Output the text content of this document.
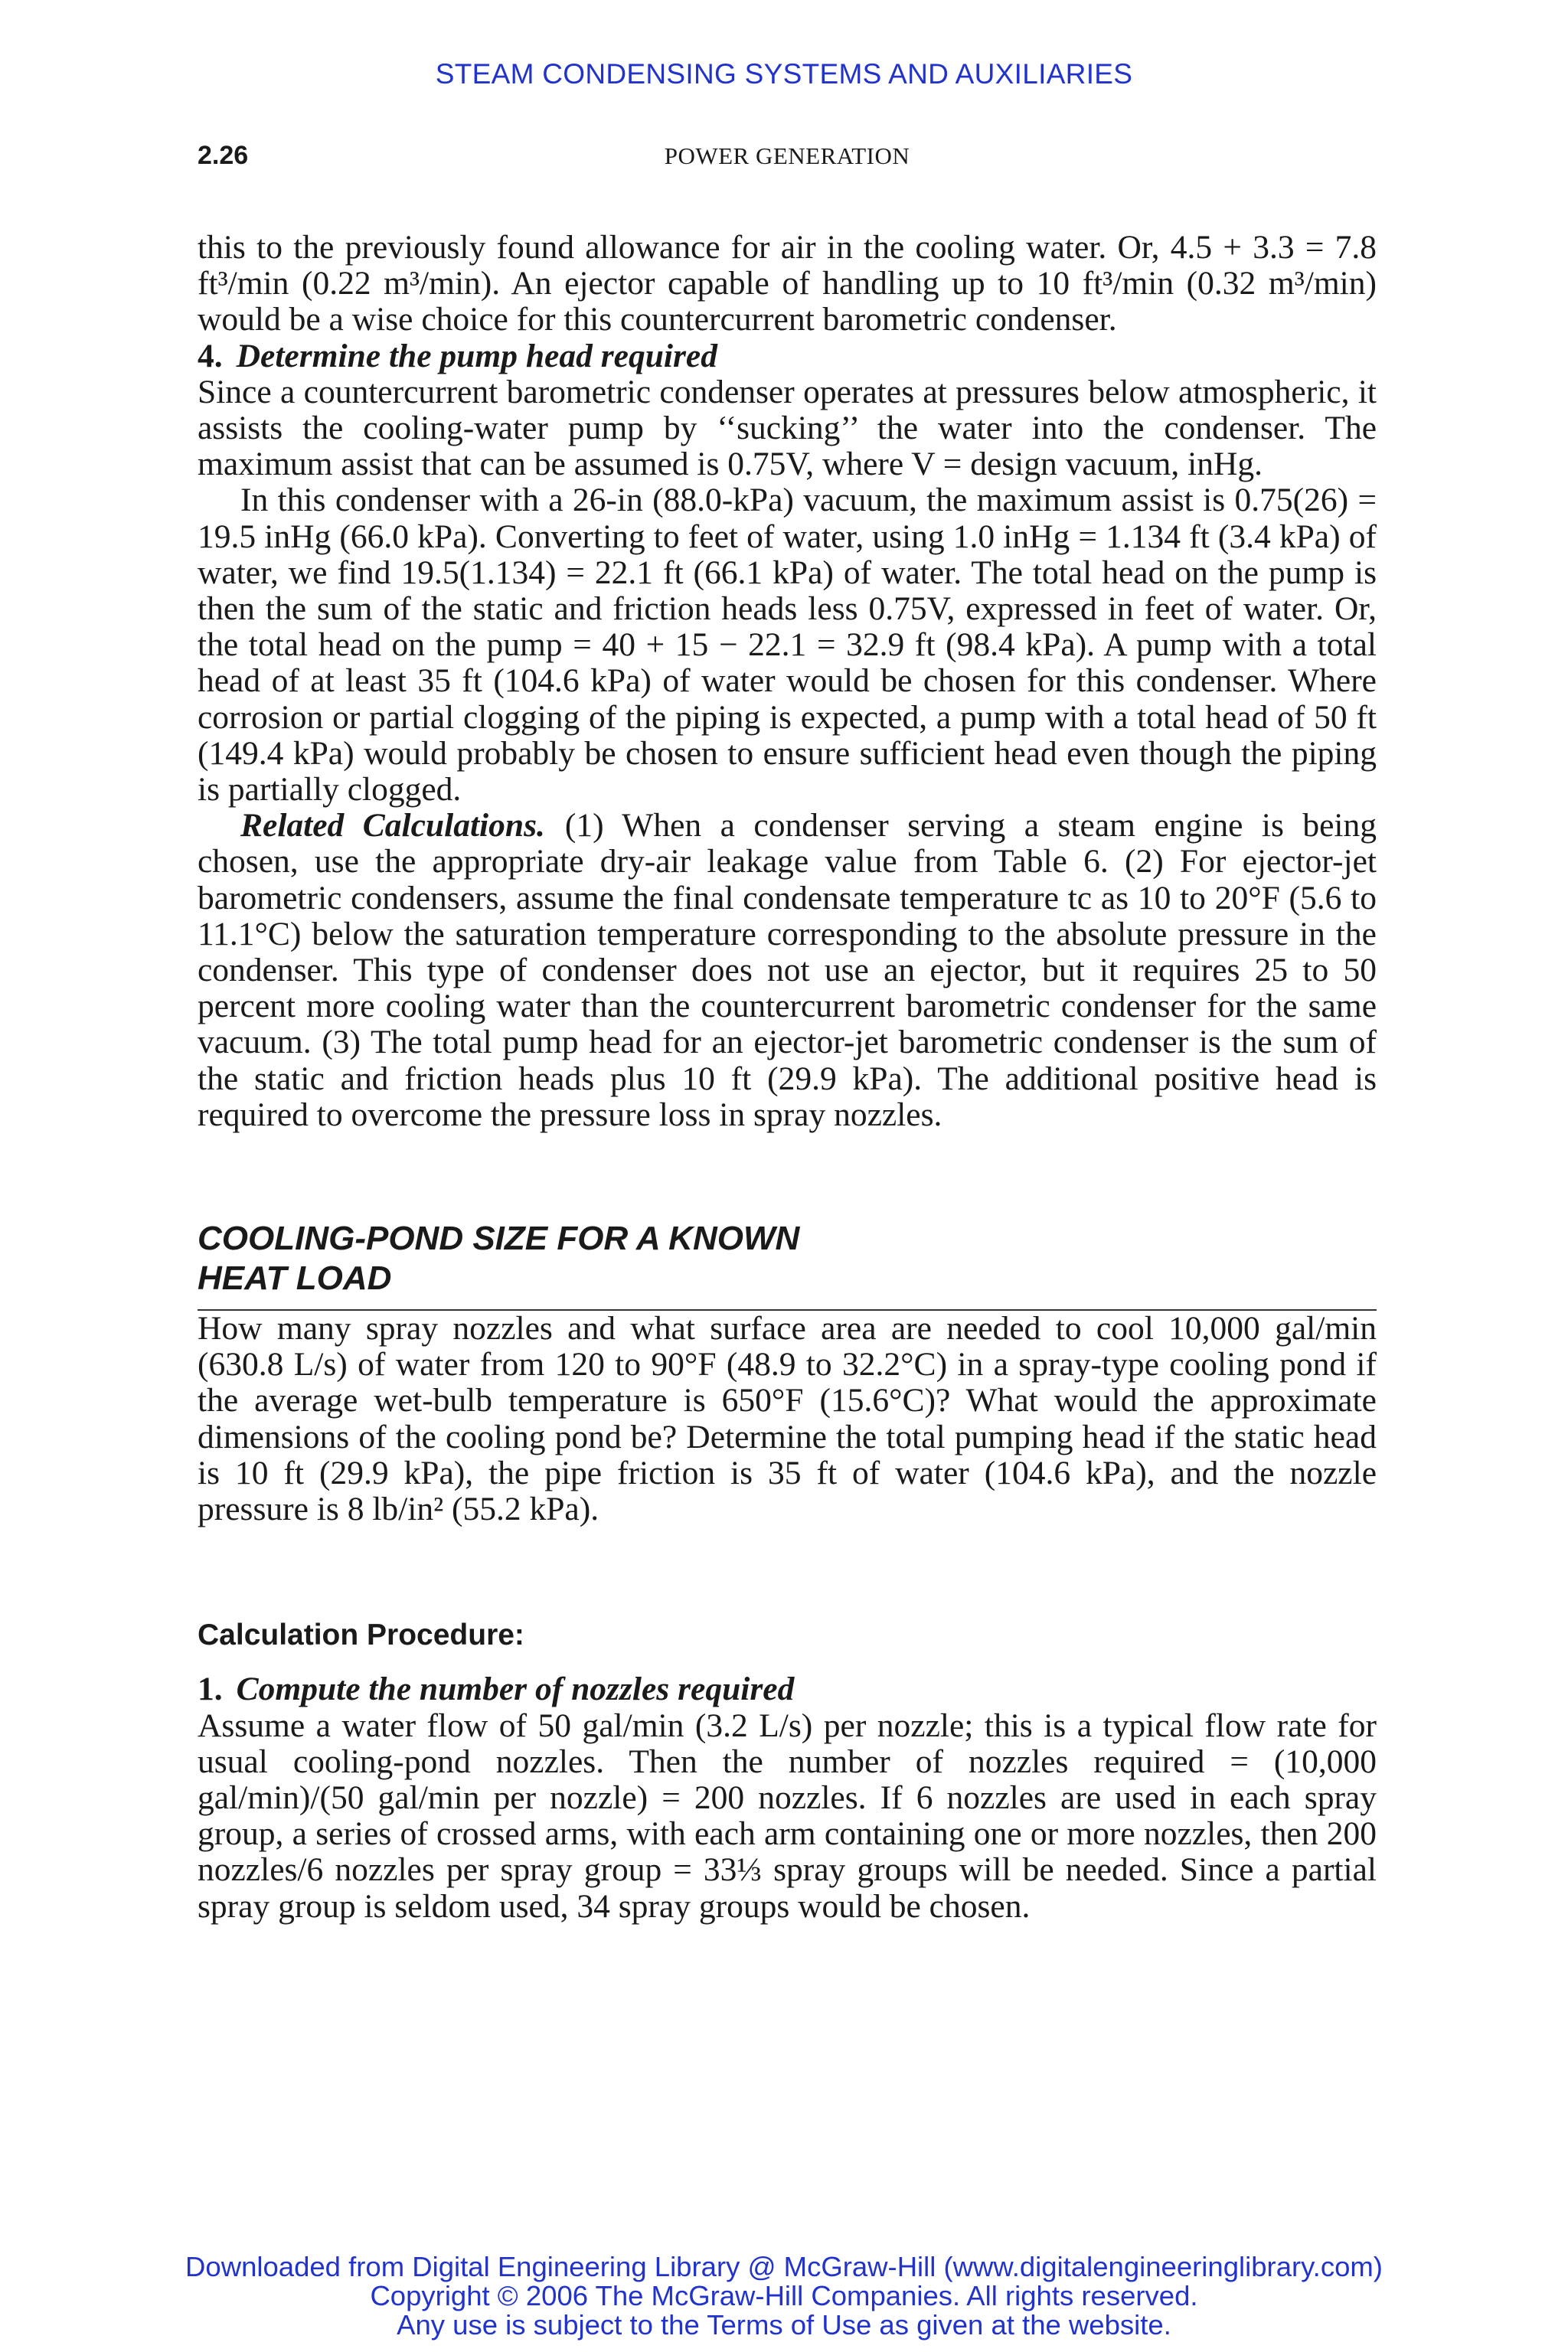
STEAM CONDENSING SYSTEMS AND AUXILIARIES
2.26	POWER GENERATION

this to the previously found allowance for air in the cooling water. Or, 4.5 + 3.3 = 7.8 ft³/min (0.22 m³/min). An ejector capable of handling up to 10 ft³/min (0.32 m³/min) would be a wise choice for this countercurrent barometric condenser.

4. Determine the pump head required

Since a countercurrent barometric condenser operates at pressures below atmospheric, it assists the cooling-water pump by ‘‘sucking’’ the water into the condenser. The maximum assist that can be assumed is 0.75V, where V = design vacuum, inHg.

In this condenser with a 26-in (88.0-kPa) vacuum, the maximum assist is 0.75(26) = 19.5 inHg (66.0 kPa). Converting to feet of water, using 1.0 inHg = 1.134 ft (3.4 kPa) of water, we find 19.5(1.134) = 22.1 ft (66.1 kPa) of water. The total head on the pump is then the sum of the static and friction heads less 0.75V, expressed in feet of water. Or, the total head on the pump = 40 + 15 − 22.1 = 32.9 ft (98.4 kPa). A pump with a total head of at least 35 ft (104.6 kPa) of water would be chosen for this condenser. Where corrosion or partial clogging of the piping is expected, a pump with a total head of 50 ft (149.4 kPa) would probably be chosen to ensure sufficient head even though the piping is partially clogged.

Related Calculations. (1) When a condenser serving a steam engine is being chosen, use the appropriate dry-air leakage value from Table 6. (2) For ejector-jet barometric condensers, assume the final condensate temperature tc as 10 to 20°F (5.6 to 11.1°C) below the saturation temperature corresponding to the absolute pressure in the condenser. This type of condenser does not use an ejector, but it requires 25 to 50 percent more cooling water than the countercurrent barometric condenser for the same vacuum. (3) The total pump head for an ejector-jet barometric condenser is the sum of the static and friction heads plus 10 ft (29.9 kPa). The additional positive head is required to overcome the pressure loss in spray nozzles.

COOLING-POND SIZE FOR A KNOWN
HEAT LOAD

How many spray nozzles and what surface area are needed to cool 10,000 gal/min (630.8 L/s) of water from 120 to 90°F (48.9 to 32.2°C) in a spray-type cooling pond if the average wet-bulb temperature is 650°F (15.6°C)? What would the approximate dimensions of the cooling pond be? Determine the total pumping head if the static head is 10 ft (29.9 kPa), the pipe friction is 35 ft of water (104.6 kPa), and the nozzle pressure is 8 lb/in² (55.2 kPa).

Calculation Procedure:

1. Compute the number of nozzles required

Assume a water flow of 50 gal/min (3.2 L/s) per nozzle; this is a typical flow rate for usual cooling-pond nozzles. Then the number of nozzles required = (10,000 gal/min)/(50 gal/min per nozzle) = 200 nozzles. If 6 nozzles are used in each spray group, a series of crossed arms, with each arm containing one or more nozzles, then 200 nozzles/6 nozzles per spray group = 33⅓ spray groups will be needed. Since a partial spray group is seldom used, 34 spray groups would be chosen.

Downloaded from Digital Engineering Library @ McGraw-Hill (www.digitalengineeringlibrary.com)
Copyright © 2006 The McGraw-Hill Companies. All rights reserved.
Any use is subject to the Terms of Use as given at the website.
